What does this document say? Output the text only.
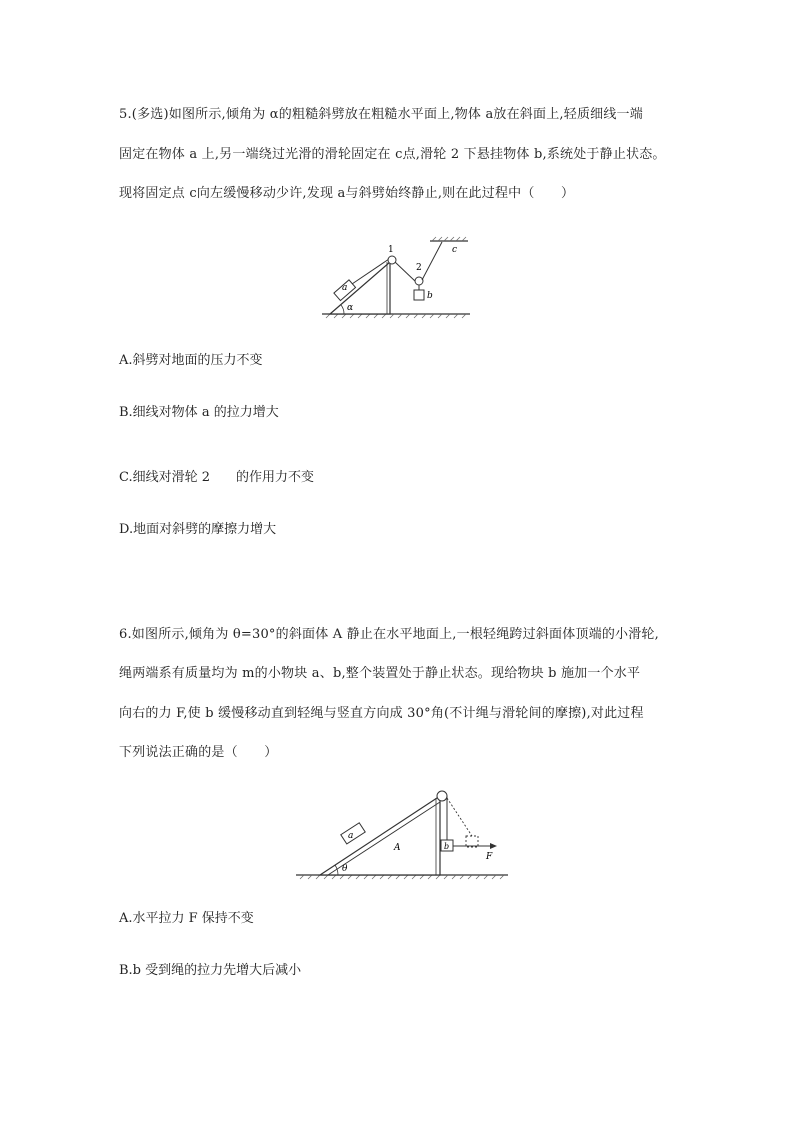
5.(多选)如图所示,倾角为 α的粗糙斜劈放在粗糙水平面上,物体 a放在斜面上,轻质细线一端
固定在物体 a 上,另一端绕过光滑的滑轮固定在 c点,滑轮 2 下悬挂物体 b,系统处于静止状态。
现将固定点 c向左缓慢移动少许,发现 a与斜劈始终静止,则在此过程中（　　）
a
1
2
c
b
α
A.斜劈对地面的压力不变
B.细线对物体 a 的拉力增大
C.细线对滑轮 2　　的作用力不变
D.地面对斜劈的摩擦力增大
6.如图所示,倾角为 θ=30°的斜面体 A 静止在水平地面上,一根轻绳跨过斜面体顶端的小滑轮,
绳两端系有质量均为 m的小物块 a、b,整个装置处于静止状态。现给物块 b 施加一个水平
向右的力 F,使 b 缓慢移动直到轻绳与竖直方向成 30°角(不计绳与滑轮间的摩擦),对此过程
下列说法正确的是（　　）
A
a
b
F
θ
A.水平拉力 F 保持不变
B.b 受到绳的拉力先增大后减小
